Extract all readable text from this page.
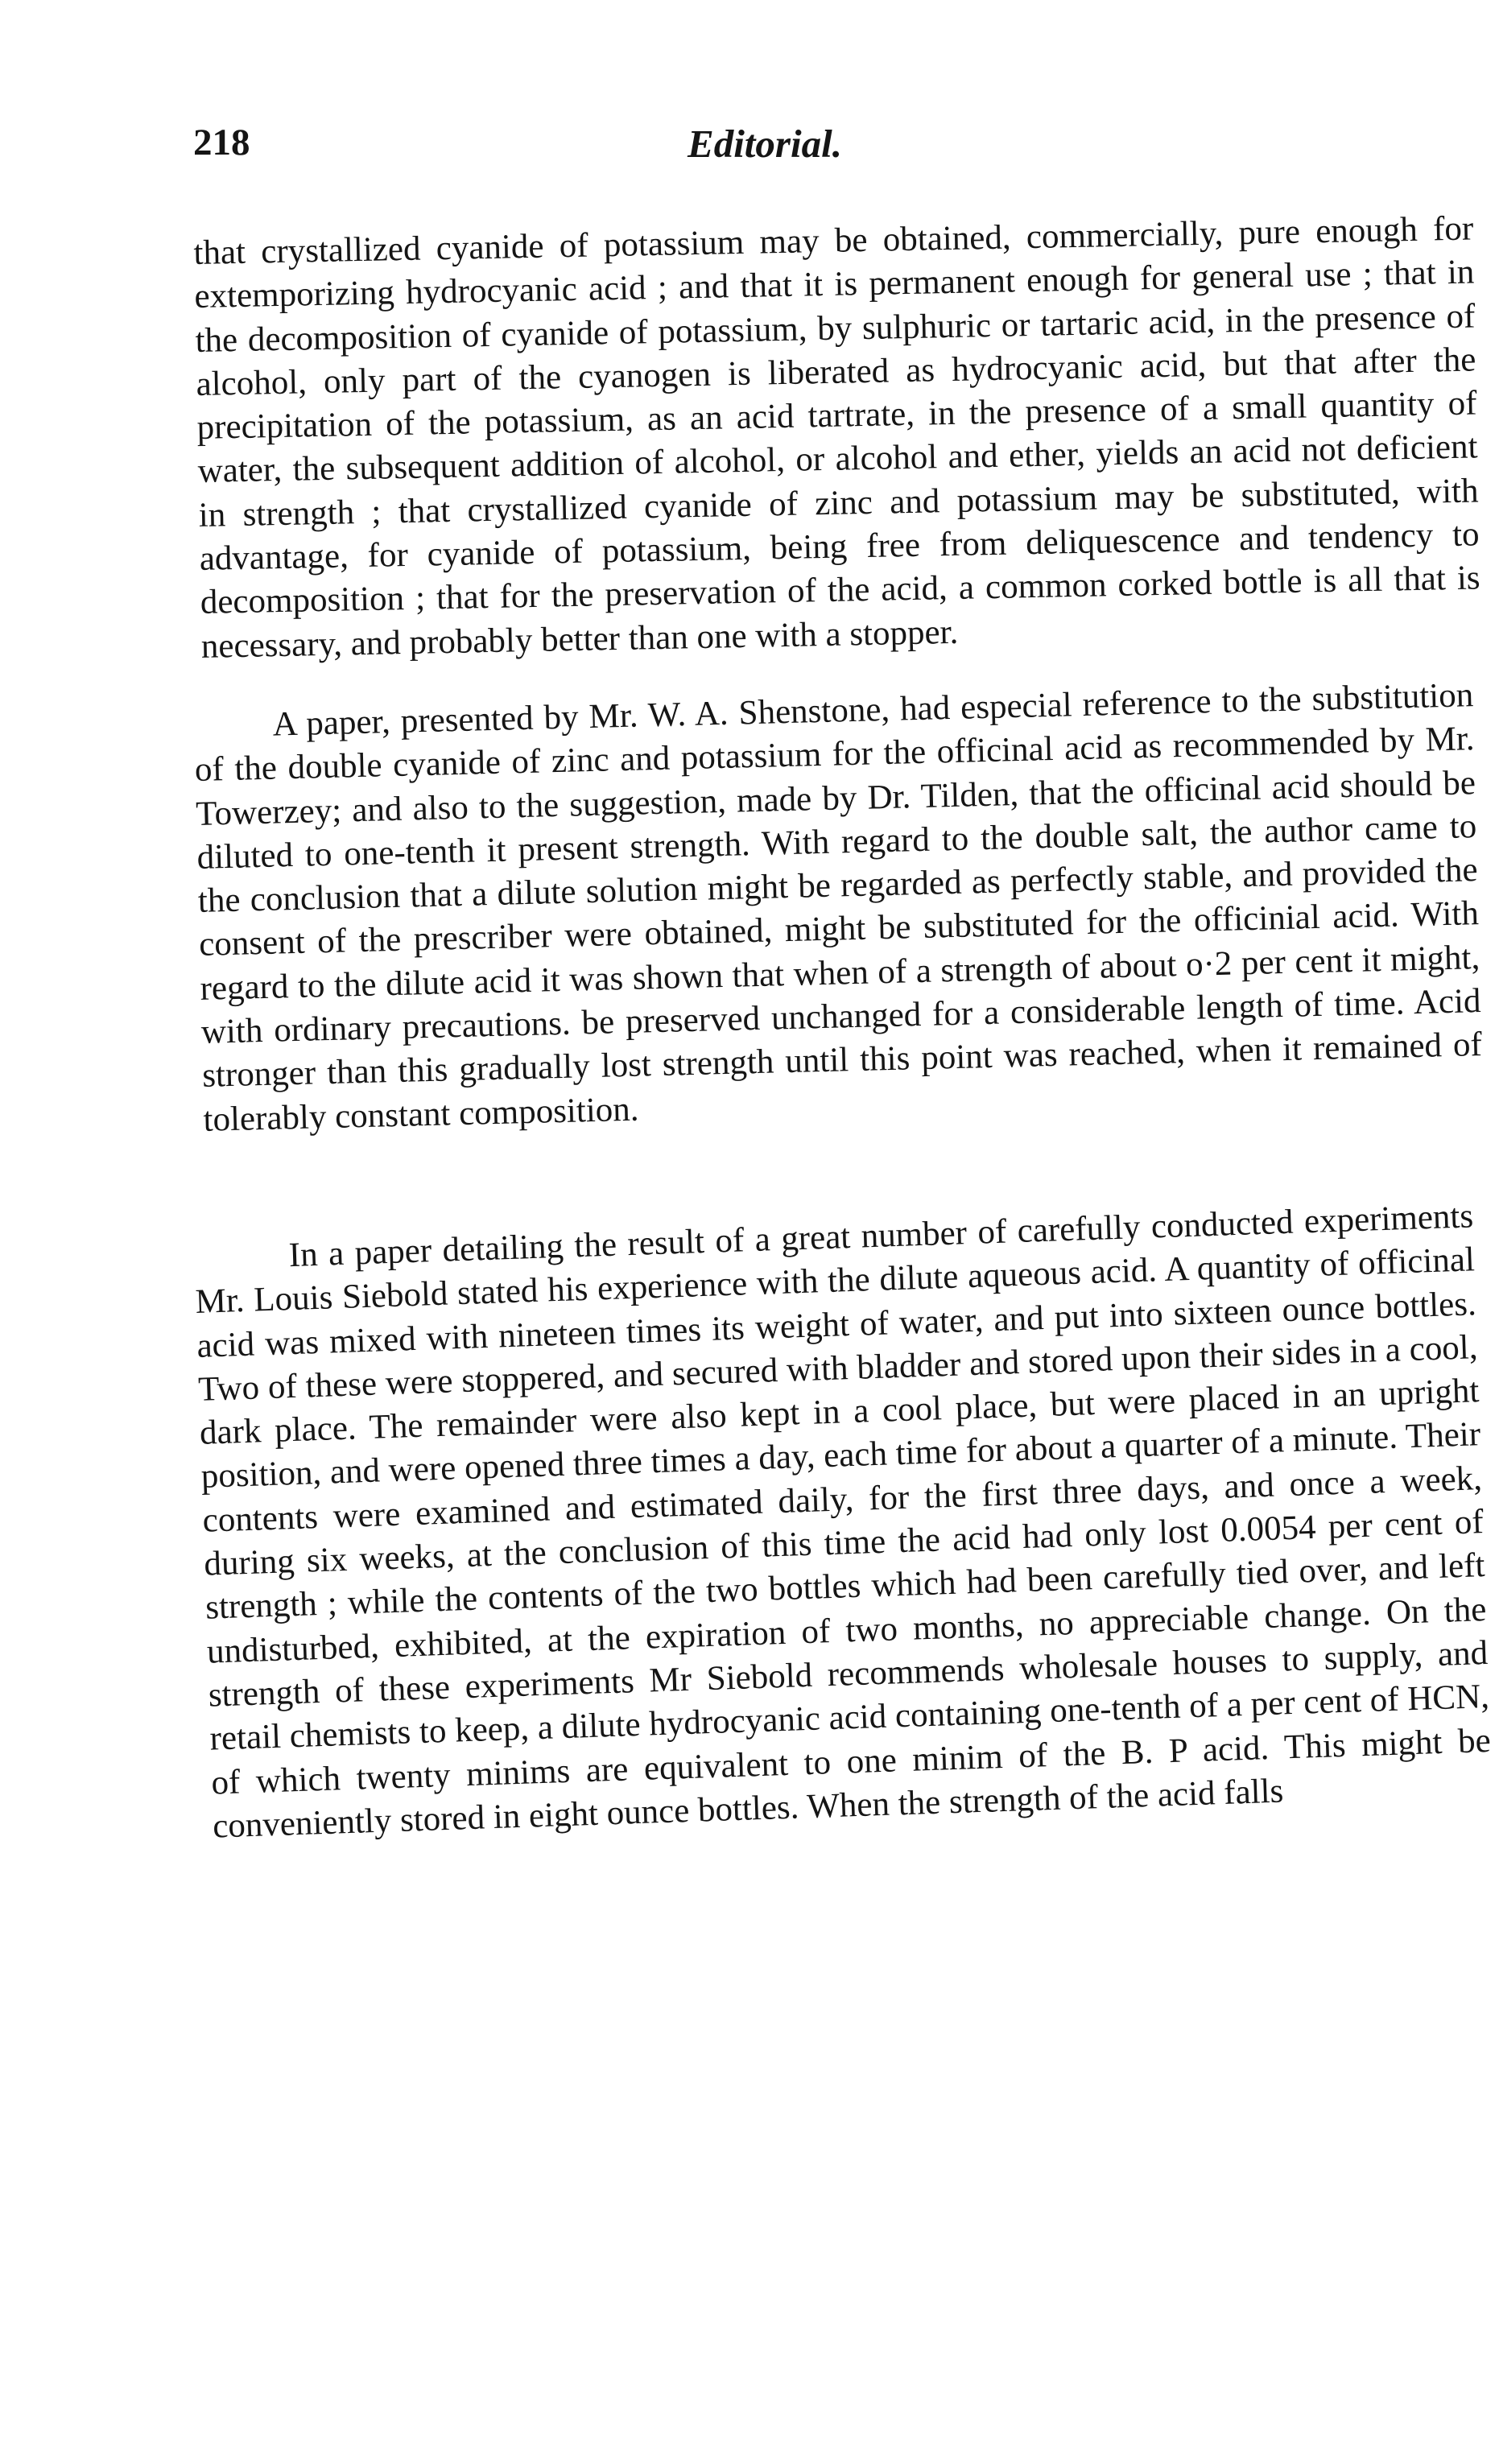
218	Editorial.

that crystallized cyanide of potassium may be obtained, commercially, pure enough for extemporizing hydrocyanic acid ; and that it is permanent enough for general use ; that in the decomposition of cyanide of potassium, by sulphuric or tartaric acid, in the presence of alcohol, only part of the cyanogen is liberated as hydrocyanic acid, but that after the precipitation of the potassium, as an acid tartrate, in the presence of a small quantity of water, the subsequent addition of alcohol, or alcohol and ether, yields an acid not deficient in strength ; that crystallized cyanide of zinc and potassium may be substituted, with advantage, for cyanide of potassium, being free from deliquescence and tendency to decomposition ; that for the preservation of the acid, a common corked bottle is all that is necessary, and probably better than one with a stopper.

A paper, presented by Mr. W. A. Shenstone, had especial reference to the substitution of the double cyanide of zinc and potassium for the officinal acid as recommended by Mr. Towerzey; and also to the suggestion, made by Dr. Tilden, that the officinal acid should be diluted to one-tenth it present strength. With regard to the double salt, the author came to the conclusion that a dilute solution might be regarded as perfectly stable, and provided the consent of the prescriber were obtained, might be substituted for the officinial acid. With regard to the dilute acid it was shown that when of a strength of about o·2 per cent it might, with ordinary precautions. be preserved unchanged for a considerable length of time. Acid stronger than this gradually lost strength until this point was reached, when it remained of tolerably constant composition.

In a paper detailing the result of a great number of carefully conducted experiments Mr. Louis Siebold stated his experience with the dilute aqueous acid. A quantity of officinal acid was mixed with nineteen times its weight of water, and put into sixteen ounce bottles. Two of these were stoppered, and secured with bladder and stored upon their sides in a cool, dark place. The remainder were also kept in a cool place, but were placed in an upright position, and were opened three times a day, each time for about a quarter of a minute. Their contents were examined and estimated daily, for the first three days, and once a week, during six weeks, at the conclusion of this time the acid had only lost 0.0054 per cent of strength ; while the contents of the two bottles which had been carefully tied over, and left undisturbed, exhibited, at the expiration of two months, no appreciable change. On the strength of these experiments Mr Siebold recommends wholesale houses to supply, and retail chemists to keep, a dilute hydrocyanic acid containing one-tenth of a per cent of HCN, of which twenty minims are equivalent to one minim of the B. P acid. This might be conveniently stored in eight ounce bottles. When the strength of the acid falls
